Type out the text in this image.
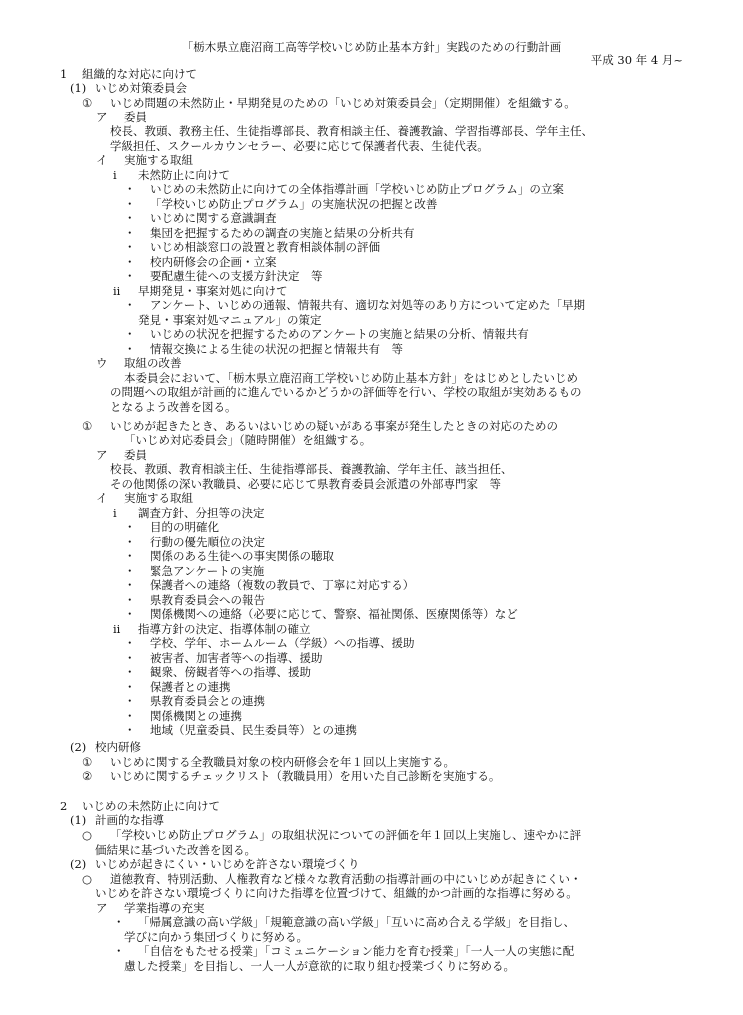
「栃木県立鹿沼商工高等学校いじめ防止基本方針」実践のための行動計画
平成 30 年 4 月~
1 組織的な対応に向けて
(1) いじめ対策委員会
① いじめ問題の未然防止・早期発見のための「いじめ対策委員会」（定期開催）を組織する。
ア 委員
校長、教頭、教務主任、生徒指導部長、教育相談主任、養護教諭、学習指導部長、学年主任、
学級担任、スクールカウンセラー、必要に応じて保護者代表、生徒代表。
イ 実施する取組
i 未然防止に向けて
・ いじめの未然防止に向けての全体指導計画「学校いじめ防止プログラム」の立案
・ 「学校いじめ防止プログラム」の実施状況の把握と改善
・ いじめに関する意識調査
・ 集団を把握するための調査の実施と結果の分析共有
・ いじめ相談窓口の設置と教育相談体制の評価
・ 校内研修会の企画・立案
・ 要配慮生徒への支援方針決定　等
ii 早期発見・事案対処に向けて
・ アンケート、いじめの通報、情報共有、適切な対処等のあり方について定めた「早期
発見・事案対処マニュアル」の策定
・ いじめの状況を把握するためのアンケートの実施と結果の分析、情報共有
・ 情報交換による生徒の状況の把握と情報共有　等
ウ 取組の改善
本委員会において、「栃木県立鹿沼商工学校いじめ防止基本方針」をはじめとしたいじめ
の問題への取組が計画的に進んでいるかどうかの評価等を行い、学校の取組が実効あるもの
となるよう改善を図る。
① いじめが起きたとき、あるいはいじめの疑いがある事案が発生したときの対応のための
「いじめ対応委員会」（随時開催）を組織する。
ア 委員
校長、教頭、教育相談主任、生徒指導部長、養護教諭、学年主任、該当担任、
その他関係の深い教職員、必要に応じて県教育委員会派遣の外部専門家　等
イ 実施する取組
i 調査方針、分担等の決定
・ 目的の明確化
・ 行動の優先順位の決定
・ 関係のある生徒への事実関係の聴取
・ 緊急アンケートの実施
・ 保護者への連絡（複数の教員で、丁寧に対応する）
・ 県教育委員会への報告
・ 関係機関への連絡（必要に応じて、警察、福祉関係、医療関係等）など
ii 指導方針の決定、指導体制の確立
・ 学校、学年、ホームルーム（学級）への指導、援助
・ 被害者、加害者等への指導、援助
・ 観衆、傍観者等への指導、援助
・ 保護者との連携
・ 県教育委員会との連携
・ 関係機関との連携
・ 地域（児童委員、民生委員等）との連携
(2) 校内研修
① いじめに関する全教職員対象の校内研修会を年１回以上実施する。
② いじめに関するチェックリスト（教職員用）を用いた自己診断を実施する。
2 いじめの未然防止に向けて
(1) 計画的な指導
○ 「学校いじめ防止プログラム」の取組状況についての評価を年１回以上実施し、速やかに評
価結果に基づいた改善を図る。
(2) いじめが起きにくい・いじめを許さない環境づくり
○ 道徳教育、特別活動、人権教育など様々な教育活動の指導計画の中にいじめが起きにくい・
いじめを許さない環境づくりに向けた指導を位置づけて、組織的かつ計画的な指導に努める。
ア 学業指導の充実
・ 「帰属意識の高い学級」「規範意識の高い学級」「互いに高め合える学級」を目指し、
学びに向かう集団づくりに努める。
・ 「自信をもたせる授業」「コミュニケーション能力を育む授業」「一人一人の実態に配
慮した授業」を目指し、一人一人が意欲的に取り組む授業づくりに努める。
